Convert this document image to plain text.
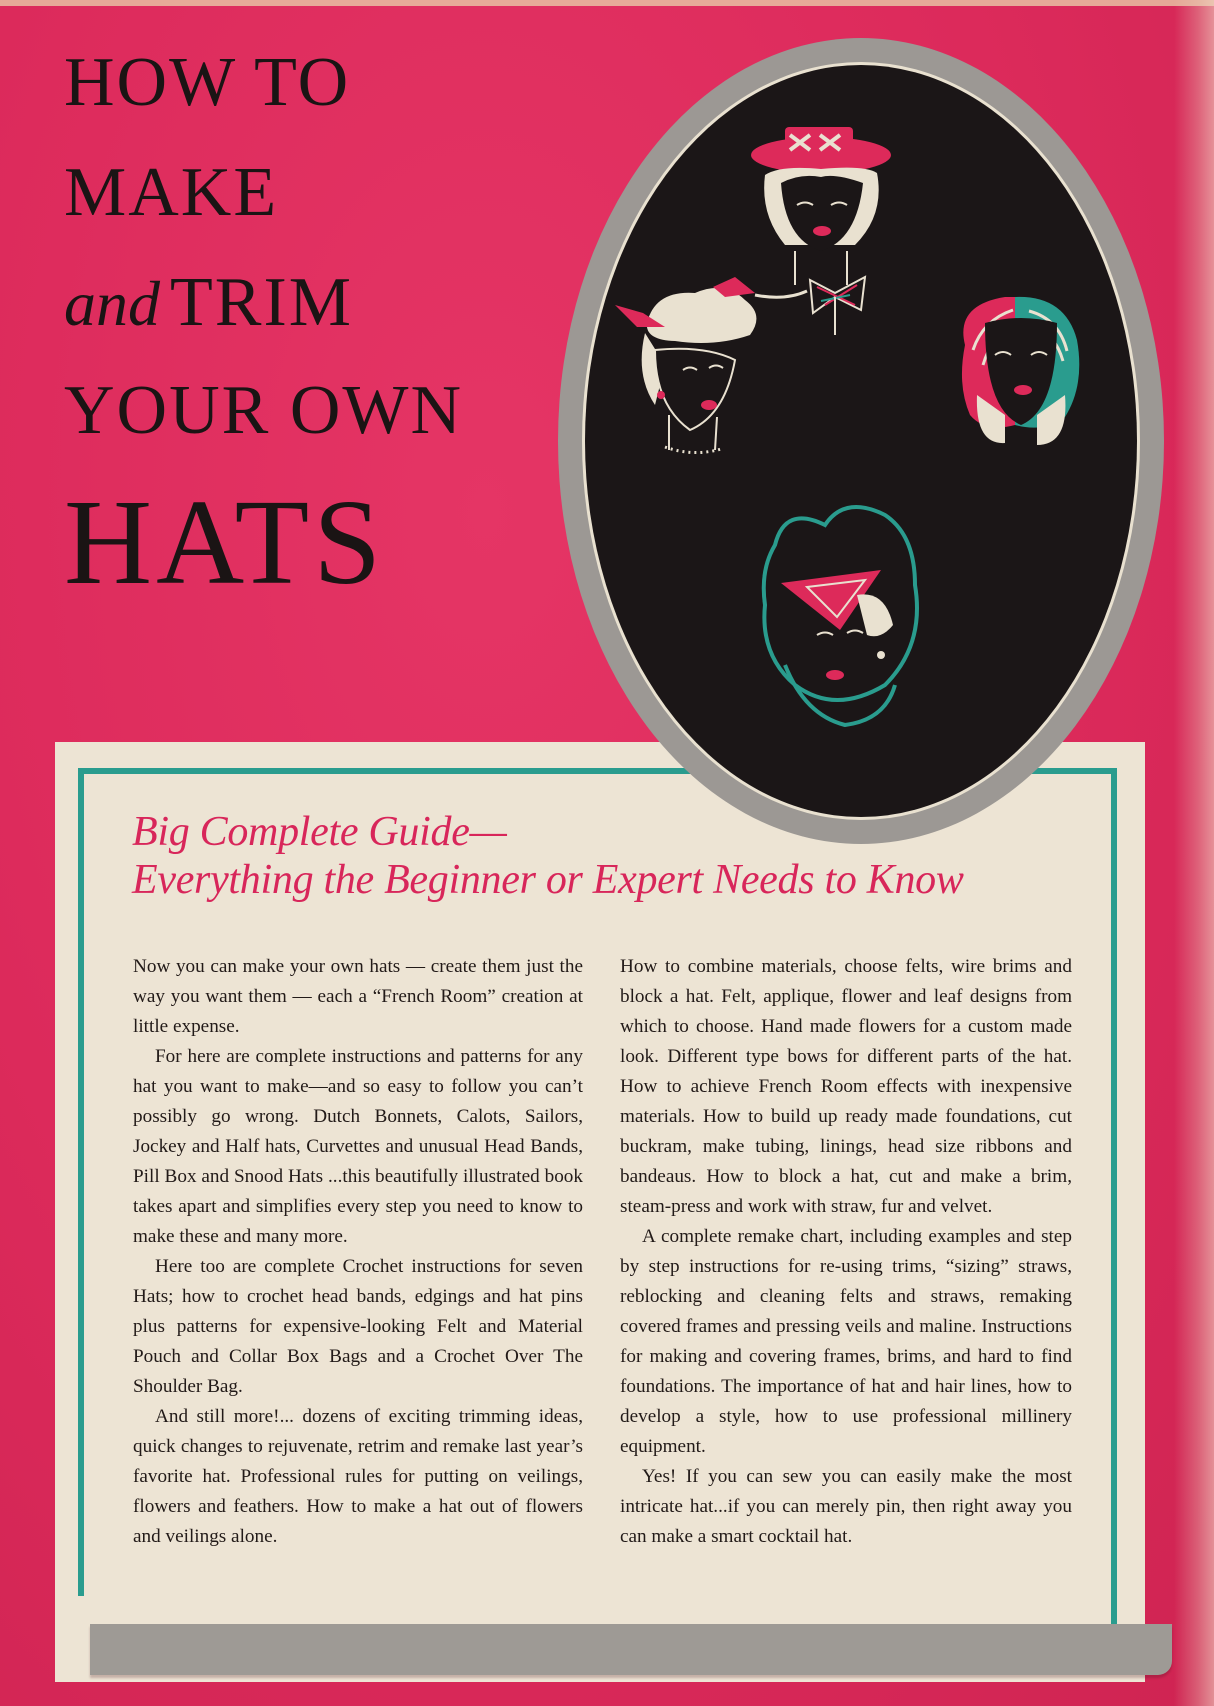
HOW TO
MAKE
and TRIM
YOUR OWN
HATS
Big Complete Guide—
Everything the Beginner or Expert Needs to Know

Now you can make your own hats — create them just the way you want them — each a “French Room” creation at little expense.

For here are complete instructions and patterns for any hat you want to make—and so easy to follow you can’t possibly go wrong. Dutch Bonnets, Calots, Sailors, Jockey and Half hats, Curvettes and unusual Head Bands, Pill Box and Snood Hats ...this beautifully illustrated book takes apart and simplifies every step you need to know to make these and many more.

Here too are complete Crochet instructions for seven Hats; how to crochet head bands, edgings and hat pins plus patterns for expensive-looking Felt and Material Pouch and Collar Box Bags and a Crochet Over The Shoulder Bag.

And still more!... dozens of exciting trimming ideas, quick changes to rejuvenate, retrim and remake last year’s favorite hat. Professional rules for putting on veilings, flowers and feathers. How to make a hat out of flowers and veilings alone.

How to combine materials, choose felts, wire brims and block a hat. Felt, applique, flower and leaf designs from which to choose. Hand made flowers for a custom made look. Different type bows for different parts of the hat. How to achieve French Room effects with inexpensive materials. How to build up ready made foundations, cut buckram, make tubing, linings, head size ribbons and bandeaus. How to block a hat, cut and make a brim, steam-press and work with straw, fur and velvet.

A complete remake chart, including examples and step by step instructions for re-using trims, “sizing” straws, reblocking and cleaning felts and straws, remaking covered frames and pressing veils and maline. Instructions for making and covering frames, brims, and hard to find foundations. The importance of hat and hair lines, how to develop a style, how to use professional millinery equipment.

Yes! If you can sew you can easily make the most intricate hat...if you can merely pin, then right away you can make a smart cocktail hat.
